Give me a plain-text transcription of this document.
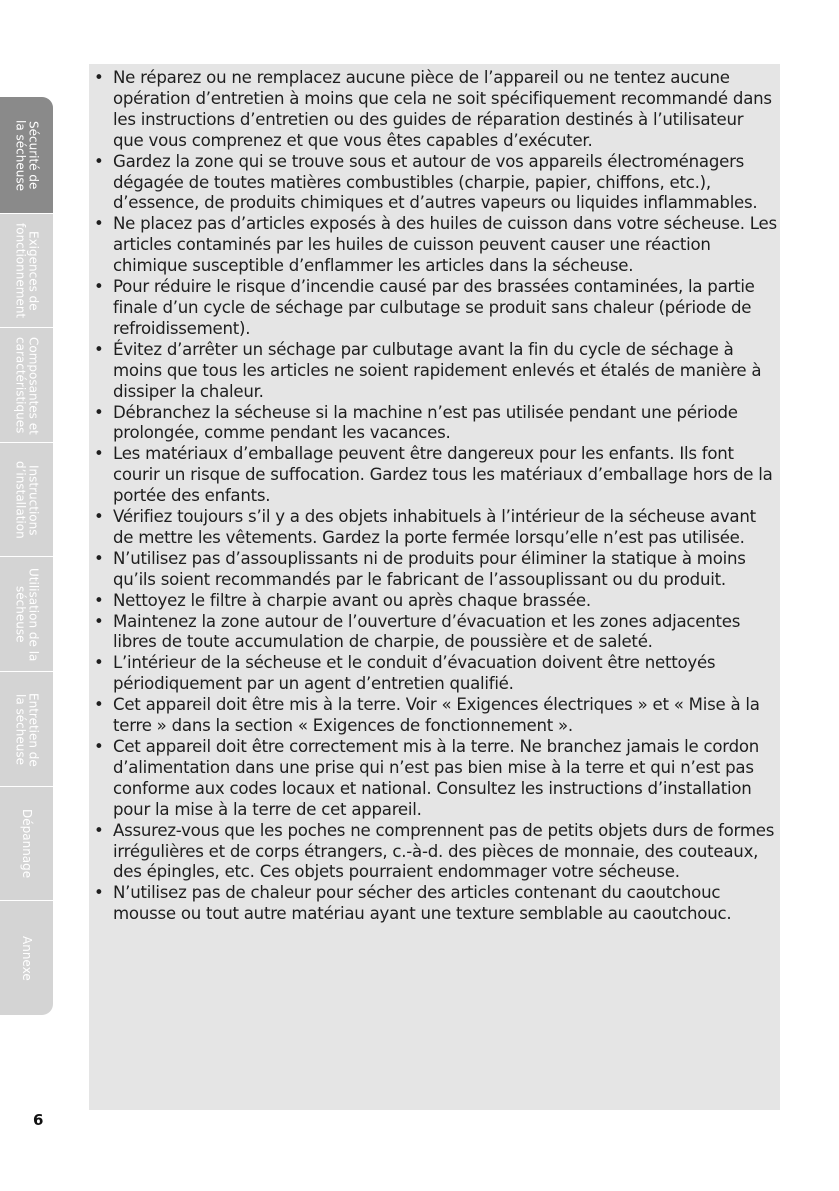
Sécurité de
la sécheuse
Exigences de
fonctionnement
Composantes et
caractéristiques
Instructions
d’installation
Utilisation de la
sécheuse
Entretien de
la sécheuse
Dépannage
Annexe
• Ne réparez ou ne remplacez aucune pièce de l’appareil ou ne tentez aucune opération d’entretien à moins que cela ne soit spécifiquement recommandé dans les instructions d’entretien ou des guides de réparation destinés à l’utilisateur que vous comprenez et que vous êtes capables d’exécuter.
• Gardez la zone qui se trouve sous et autour de vos appareils électroménagers dégagée de toutes matières combustibles (charpie, papier, chiffons, etc.), d’essence, de produits chimiques et d’autres vapeurs ou liquides inflammables.
• Ne placez pas d’articles exposés à des huiles de cuisson dans votre sécheuse. Les articles contaminés par les huiles de cuisson peuvent causer une réaction chimique susceptible d’enflammer les articles dans la sécheuse.
• Pour réduire le risque d’incendie causé par des brassées contaminées, la partie finale d’un cycle de séchage par culbutage se produit sans chaleur (période de refroidissement).
• Évitez d’arrêter un séchage par culbutage avant la fin du cycle de séchage à moins que tous les articles ne soient rapidement enlevés et étalés de manière à dissiper la chaleur.
• Débranchez la sécheuse si la machine n’est pas utilisée pendant une période prolongée, comme pendant les vacances.
• Les matériaux d’emballage peuvent être dangereux pour les enfants. Ils font courir un risque de suffocation. Gardez tous les matériaux d’emballage hors de la portée des enfants.
• Vérifiez toujours s’il y a des objets inhabituels à l’intérieur de la sécheuse avant de mettre les vêtements. Gardez la porte fermée lorsqu’elle n’est pas utilisée.
• N’utilisez pas d’assouplissants ni de produits pour éliminer la statique à moins qu’ils soient recommandés par le fabricant de l’assouplissant ou du produit.
• Nettoyez le filtre à charpie avant ou après chaque brassée.
• Maintenez la zone autour de l’ouverture d’évacuation et les zones adjacentes libres de toute accumulation de charpie, de poussière et de saleté.
• L’intérieur de la sécheuse et le conduit d’évacuation doivent être nettoyés périodiquement par un agent d’entretien qualifié.
• Cet appareil doit être mis à la terre. Voir « Exigences électriques » et « Mise à la terre » dans la section « Exigences de fonctionnement ».
• Cet appareil doit être correctement mis à la terre. Ne branchez jamais le cordon d’alimentation dans une prise qui n’est pas bien mise à la terre et qui n’est pas conforme aux codes locaux et national. Consultez les instructions d’installation pour la mise à la terre de cet appareil.
• Assurez-vous que les poches ne comprennent pas de petits objets durs de formes irrégulières et de corps étrangers, c.-à-d. des pièces de monnaie, des couteaux, des épingles, etc. Ces objets pourraient endommager votre sécheuse.
• N’utilisez pas de chaleur pour sécher des articles contenant du caoutchouc mousse ou tout autre matériau ayant une texture semblable au caoutchouc.
6
